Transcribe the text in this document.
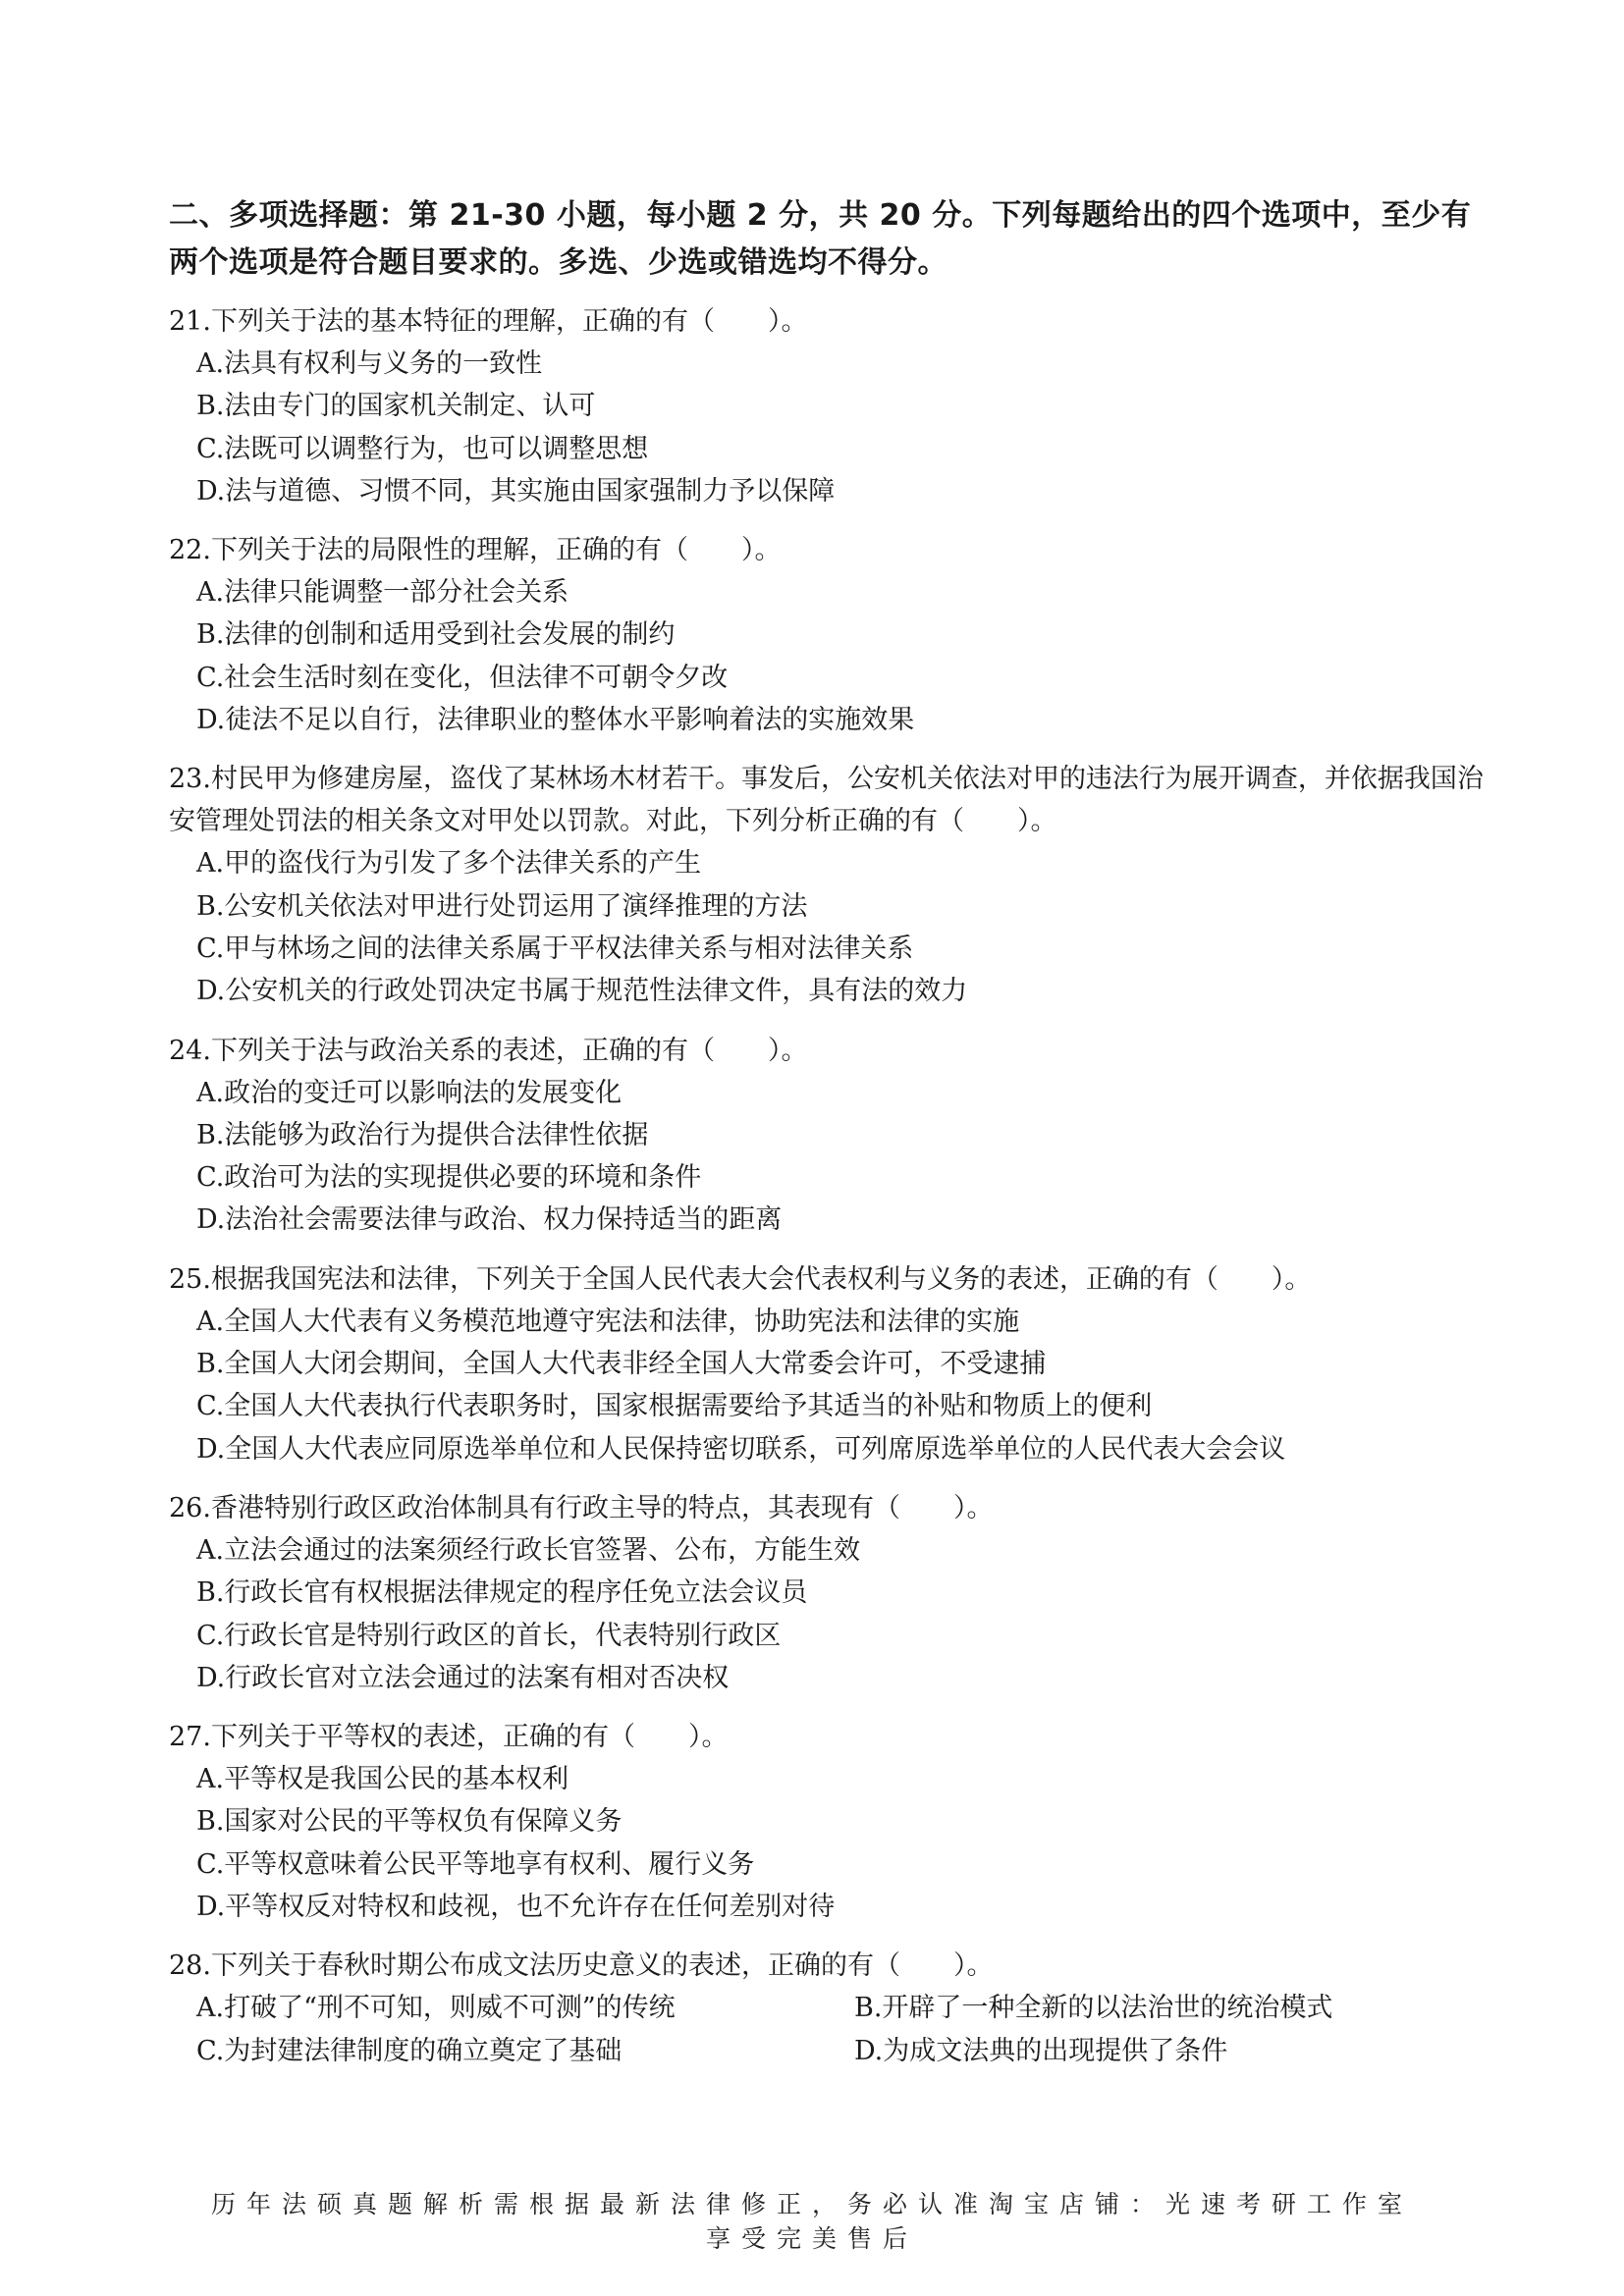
二、多项选择题：第 21-30 小题，每小题 2 分，共 20 分。下列每题给出的四个选项中，至少有两个选项是符合题目要求的。多选、少选或错选均不得分。

21.下列关于法的基本特征的理解，正确的有（　　）。

A.法具有权利与义务的一致性
B.法由专门的国家机关制定、认可
C.法既可以调整行为，也可以调整思想
D.法与道德、习惯不同，其实施由国家强制力予以保障

22.下列关于法的局限性的理解，正确的有（　　）。

A.法律只能调整一部分社会关系
B.法律的创制和适用受到社会发展的制约
C.社会生活时刻在变化，但法律不可朝令夕改
D.徒法不足以自行，法律职业的整体水平影响着法的实施效果

23.村民甲为修建房屋，盗伐了某林场木材若干。事发后，公安机关依法对甲的违法行为展开调查，并依据我国治安管理处罚法的相关条文对甲处以罚款。对此，下列分析正确的有（　　）。

A.甲的盗伐行为引发了多个法律关系的产生
B.公安机关依法对甲进行处罚运用了演绎推理的方法
C.甲与林场之间的法律关系属于平权法律关系与相对法律关系
D.公安机关的行政处罚决定书属于规范性法律文件，具有法的效力

24.下列关于法与政治关系的表述，正确的有（　　）。

A.政治的变迁可以影响法的发展变化
B.法能够为政治行为提供合法律性依据
C.政治可为法的实现提供必要的环境和条件
D.法治社会需要法律与政治、权力保持适当的距离

25.根据我国宪法和法律，下列关于全国人民代表大会代表权利与义务的表述，正确的有（　　）。

A.全国人大代表有义务模范地遵守宪法和法律，协助宪法和法律的实施
B.全国人大闭会期间，全国人大代表非经全国人大常委会许可，不受逮捕
C.全国人大代表执行代表职务时，国家根据需要给予其适当的补贴和物质上的便利
D.全国人大代表应同原选举单位和人民保持密切联系，可列席原选举单位的人民代表大会会议

26.香港特别行政区政治体制具有行政主导的特点，其表现有（　　）。

A.立法会通过的法案须经行政长官签署、公布，方能生效
B.行政长官有权根据法律规定的程序任免立法会议员
C.行政长官是特别行政区的首长，代表特别行政区
D.行政长官对立法会通过的法案有相对否决权

27.下列关于平等权的表述，正确的有（　　）。

A.平等权是我国公民的基本权利
B.国家对公民的平等权负有保障义务
C.平等权意味着公民平等地享有权利、履行义务
D.平等权反对特权和歧视，也不允许存在任何差别对待

28.下列关于春秋时期公布成文法历史意义的表述，正确的有（　　）。

A.打破了“刑不可知，则威不可测”的传统	B.开辟了一种全新的以法治世的统治模式
C.为封建法律制度的确立奠定了基础	D.为成文法典的出现提供了条件
历年法硕真题解析需根据最新法律修正，务必认准淘宝店铺：光速考研工作室
享受完美售后
